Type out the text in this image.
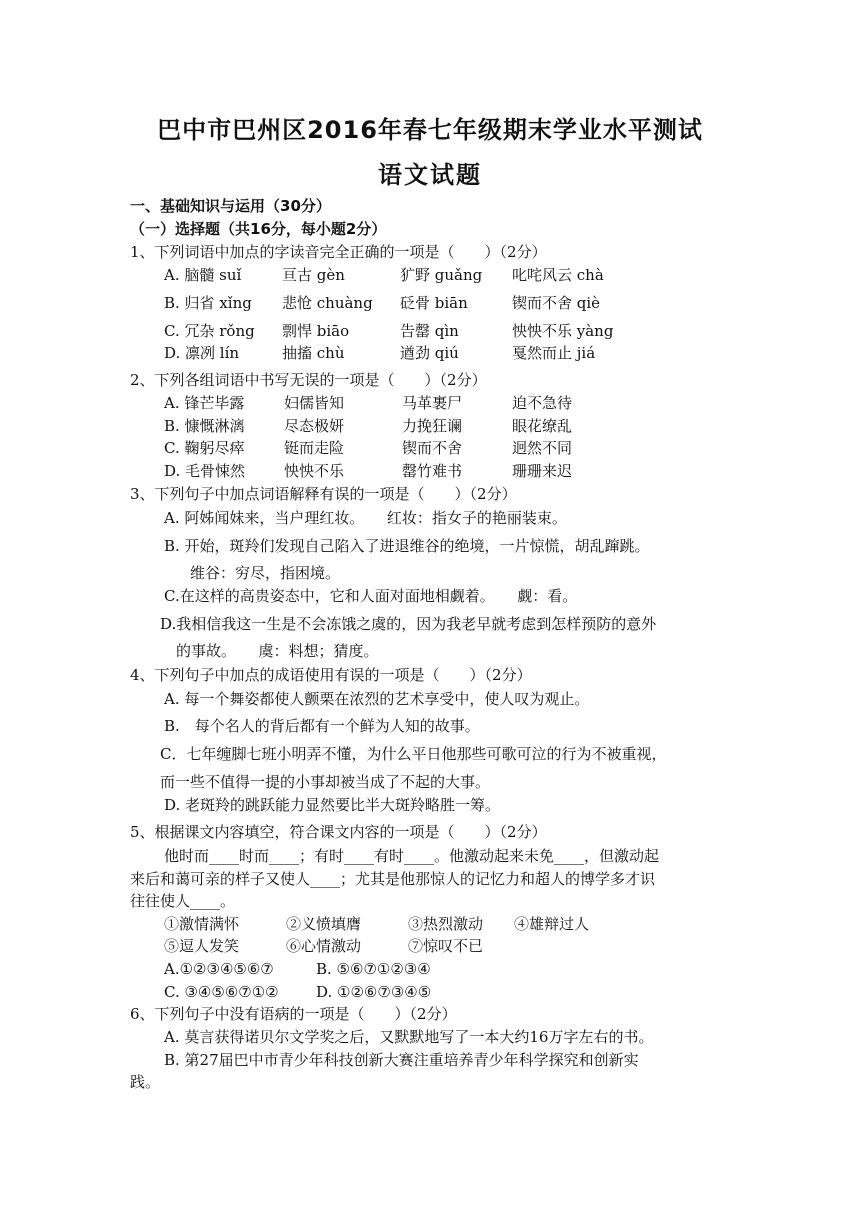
巴中市巴州区2016年春七年级期末学业水平测试
语文试题
一、基础知识与运用（30分）
（一）选择题（共16分，每小题2分）
1、下列词语中加点的字读音完全正确的一项是（　　）（2分）
A. 脑髓 suǐ	亘古 gèn	犷野 guǎng 叱咤风云 chà
B. 归省 xǐng 悲怆 chuàng 砭骨 biān	锲而不舍 qiè
C. 冗杂 rǒng 剽悍 biāo	告罄 qìn	怏怏不乐 yàng
D. 凛冽 lín	抽搐 chù	遒劲 qiú	戛然而止 jiá
2、下列各组词语中书写无误的一项是（　　）（2分）
A. 锋芒毕露	妇儒皆知	马革裹尸	迫不急待
B. 慷慨淋漓	尽态极妍	力挽狂谰	眼花缭乱
C. 鞠躬尽瘁	铤而走险	锲而不舍	迥然不同
D. 毛骨悚然	怏怏不乐	罄竹难书	珊珊来迟
3、下列句子中加点词语解释有误的一项是（　　）（2分）
A. 阿姊闻妹来，当户理红妆。　　红妆：指女子的艳丽装束。
B. 开始，斑羚们发现自己陷入了进退维谷的绝境，一片惊慌，胡乱蹿跳。
维谷：穷尽，指困境。
C.在这样的高贵姿态中，它和人面对面地相觑着。　　觑：看。
D.我相信我这一生是不会冻饿之虞的，因为我老早就考虑到怎样预防的意外
的事故。　　虞：料想；猜度。
4、下列句子中加点的成语使用有误的一项是（　　）（2分）
A. 每一个舞姿都使人颤栗在浓烈的艺术享受中，使人叹为观止。
B.　每个名人的背后都有一个鲜为人知的故事。
C．七年缠脚七班小明弄不懂，为什么平日他那些可歌可泣的行为不被重视，
而一些不值得一提的小事却被当成了不起的大事。
D. 老斑羚的跳跃能力显然要比半大斑羚略胜一筹。
5、根据课文内容填空，符合课文内容的一项是（　　）（2分）
他时而____时而____；有时____有时____。他激动起来未免____，但激动起
来后和蔼可亲的样子又使人____；尤其是他那惊人的记忆力和超人的博学多才识
往往使人____。
①激情满怀	②义愤填膺	③热烈激动 ④雄辩过人
⑤逗人发笑	⑥心情激动	⑦惊叹不已
A.①②③④⑤⑥⑦	B. ⑤⑥⑦①②③④
C. ③④⑤⑥⑦①② D. ①②⑥⑦③④⑤
6、下列句子中没有语病的一项是（　　）（2分）
A. 莫言获得诺贝尔文学奖之后，又默默地写了一本大约16万字左右的书。
B. 第27届巴中市青少年科技创新大赛注重培养青少年科学探究和创新实
践。
